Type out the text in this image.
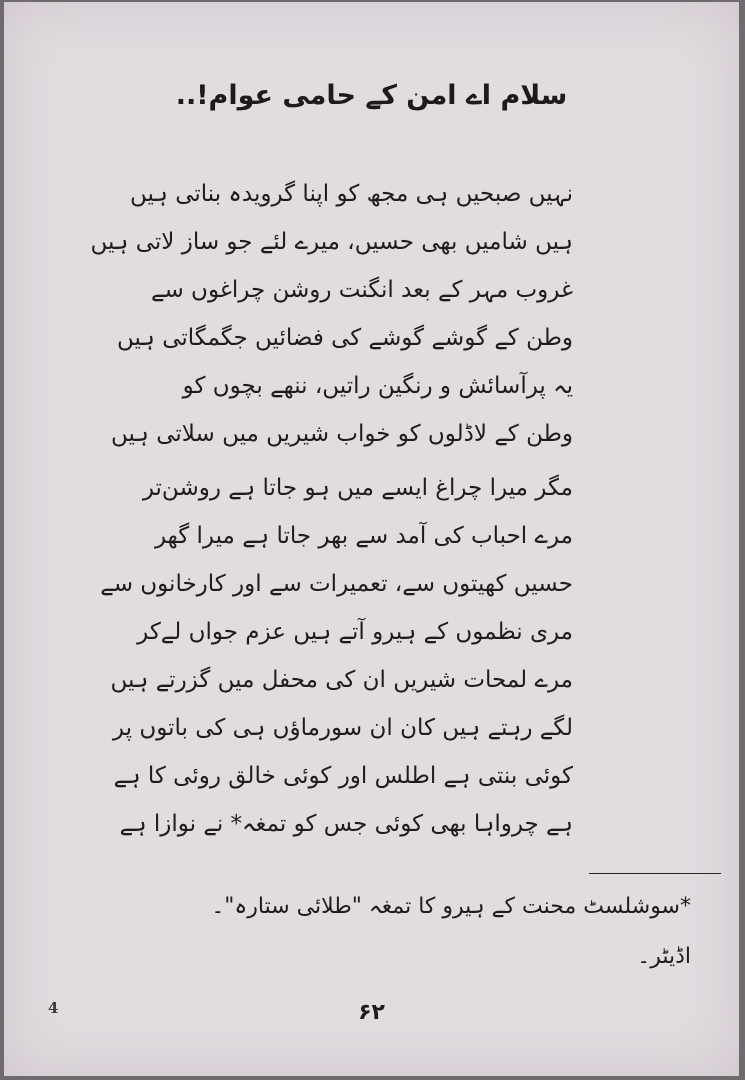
سلام اے امن کے حامی عوام!..
نہیں صبحیں ہی مجھ کو اپنا گرویدہ بناتی ہیں
ہیں شامیں بھی حسیں، میرے لئے جو ساز لاتی ہیں
غروب مہر کے بعد انگنت روشن چراغوں سے
وطن کے گوشے گوشے کی فضائیں جگمگاتی ہیں
یہ پرآسائش و رنگین راتیں، ننھے بچوں کو
وطن کے لاڈلوں کو خواب شیریں میں سلاتی ہیں
مگر میرا چراغ ایسے میں ہو جاتا ہے روشن‌تر
مرے احباب کی آمد سے بھر جاتا ہے میرا گھر
حسیں کھیتوں سے، تعمیرات سے اور کارخانوں سے
مری نظموں کے ہیرو آتے ہیں عزم جواں لےکر
مرے لمحات شیریں ان کی محفل میں گزرتے ہیں
لگے رہتے ہیں کان ان سورماؤں ہی کی باتوں پر
کوئی بنتی ہے اطلس اور کوئی خالق روئی کا ہے
ہے چرواہا بھی کوئی جس کو تمغہ* نے نوازا ہے
*سوشلسٹ محنت کے ہیرو کا تمغہ "طلائی ستارہ"۔
اڈیٹر۔
۶۲
4
